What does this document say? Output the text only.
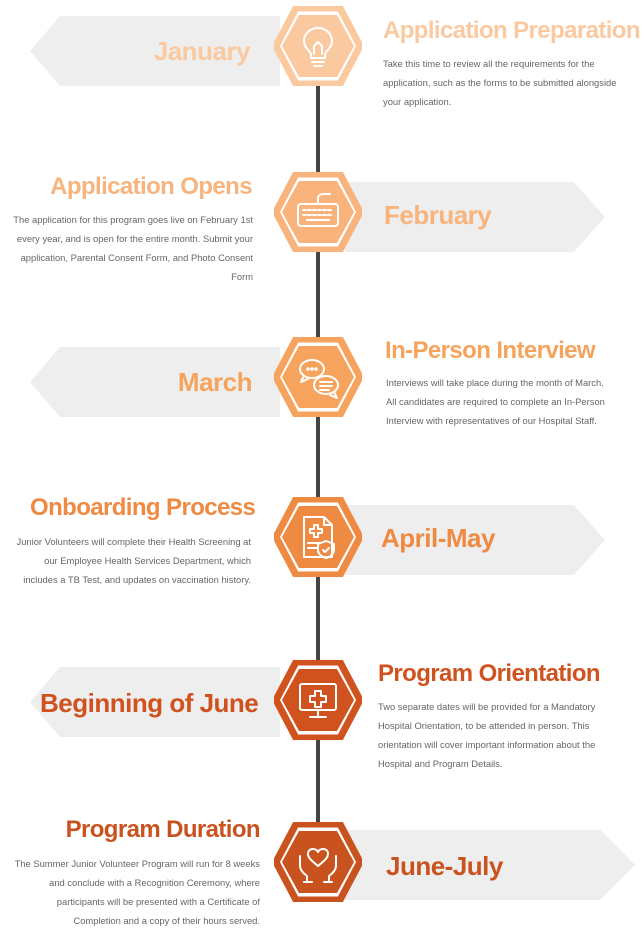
January
Application Preparation
Take this time to review all the requirements for the application, such as the forms to be submitted alongside your application.
Application Opens
The application for this program goes live on February 1st every year, and is open for the entire month. Submit your application, Parental Consent Form, and Photo Consent Form
February
March
In-Person Interview
Interviews will take place during the month of March. All candidates are required to complete an In-Person Interview with representatives of our Hospital Staff.
Onboarding Process
Junior Volunteers will complete their Health Screening at our Employee Health Services Department, which includes a TB Test, and updates on vaccination history.
April-May
Beginning of June
Program Orientation
Two separate dates will be provided for a Mandatory Hospital Orientation, to be attended in person. This orientation will cover important information about the Hospital and Program Details.
Program Duration
The Summer Junior Volunteer Program will run for 8 weeks and conclude with a Recognition Ceremony, where participants will be presented with a Certificate of Completion and a copy of their hours served.
June-July
